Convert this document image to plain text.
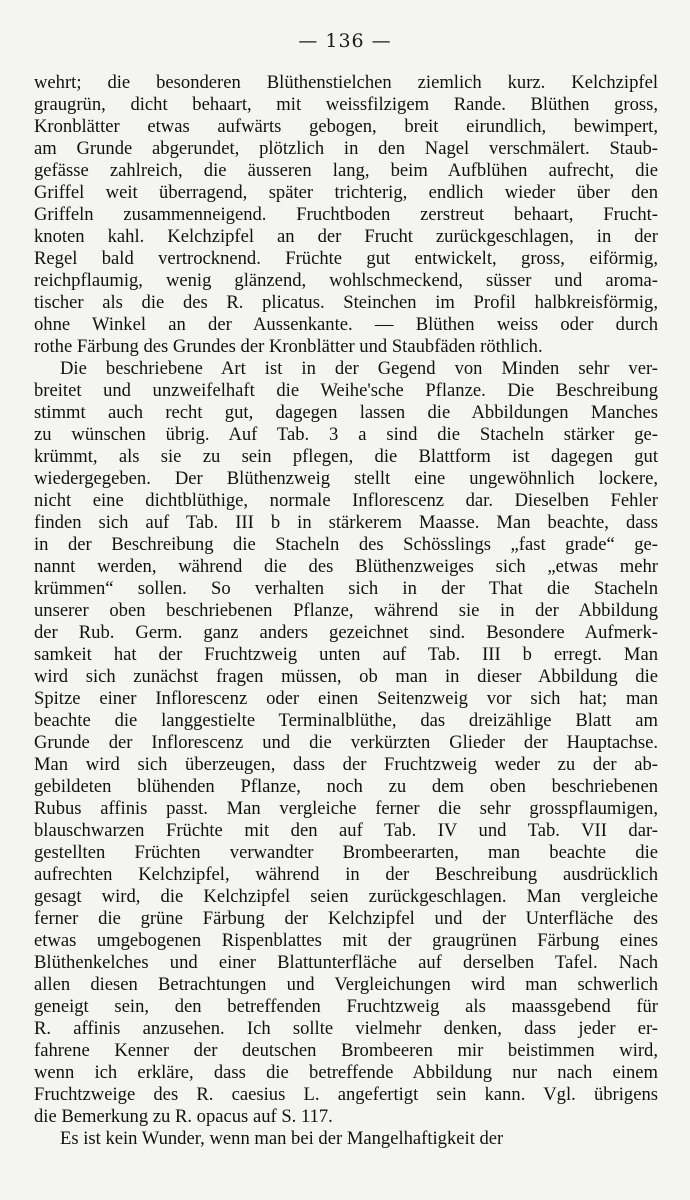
— 136 —
wehrt; die besonderen Blüthenstielchen ziemlich kurz. Kelchzipfel
graugrün, dicht behaart, mit weissfilzigem Rande. Blüthen gross,
Kronblätter etwas aufwärts gebogen, breit eirundlich, bewimpert,
am Grunde abgerundet, plötzlich in den Nagel verschmälert. Staub-
gefässe zahlreich, die äusseren lang, beim Aufblühen aufrecht, die
Griffel weit überragend, später trichterig, endlich wieder über den
Griffeln zusammenneigend. Fruchtboden zerstreut behaart, Frucht-
knoten kahl. Kelchzipfel an der Frucht zurückgeschlagen, in der
Regel bald vertrocknend. Früchte gut entwickelt, gross, eiförmig,
reichpflaumig, wenig glänzend, wohlschmeckend, süsser und aroma-
tischer als die des R. plicatus. Steinchen im Profil halbkreisförmig,
ohne Winkel an der Aussenkante. — Blüthen weiss oder durch
rothe Färbung des Grundes der Kronblätter und Staubfäden röthlich.
Die beschriebene Art ist in der Gegend von Minden sehr ver-
breitet und unzweifelhaft die Weihe'sche Pflanze. Die Beschreibung
stimmt auch recht gut, dagegen lassen die Abbildungen Manches
zu wünschen übrig. Auf Tab. 3 a sind die Stacheln stärker ge-
krümmt, als sie zu sein pflegen, die Blattform ist dagegen gut
wiedergegeben. Der Blüthenzweig stellt eine ungewöhnlich lockere,
nicht eine dichtblüthige, normale Inflorescenz dar. Dieselben Fehler
finden sich auf Tab. III b in stärkerem Maasse. Man beachte, dass
in der Beschreibung die Stacheln des Schösslings „fast grade“ ge-
nannt werden, während die des Blüthenzweiges sich „etwas mehr
krümmen“ sollen. So verhalten sich in der That die Stacheln
unserer oben beschriebenen Pflanze, während sie in der Abbildung
der Rub. Germ. ganz anders gezeichnet sind. Besondere Aufmerk-
samkeit hat der Fruchtzweig unten auf Tab. III b erregt. Man
wird sich zunächst fragen müssen, ob man in dieser Abbildung die
Spitze einer Inflorescenz oder einen Seitenzweig vor sich hat; man
beachte die langgestielte Terminalblüthe, das dreizählige Blatt am
Grunde der Inflorescenz und die verkürzten Glieder der Hauptachse.
Man wird sich überzeugen, dass der Fruchtzweig weder zu der ab-
gebildeten blühenden Pflanze, noch zu dem oben beschriebenen
Rubus affinis passt. Man vergleiche ferner die sehr grosspflaumigen,
blauschwarzen Früchte mit den auf Tab. IV und Tab. VII dar-
gestellten Früchten verwandter Brombeerarten, man beachte die
aufrechten Kelchzipfel, während in der Beschreibung ausdrücklich
gesagt wird, die Kelchzipfel seien zurückgeschlagen. Man vergleiche
ferner die grüne Färbung der Kelchzipfel und der Unterfläche des
etwas umgebogenen Rispenblattes mit der graugrünen Färbung eines
Blüthenkelches und einer Blattunterfläche auf derselben Tafel. Nach
allen diesen Betrachtungen und Vergleichungen wird man schwerlich
geneigt sein, den betreffenden Fruchtzweig als maassgebend für
R. affinis anzusehen. Ich sollte vielmehr denken, dass jeder er-
fahrene Kenner der deutschen Brombeeren mir beistimmen wird,
wenn ich erkläre, dass die betreffende Abbildung nur nach einem
Fruchtzweige des R. caesius L. angefertigt sein kann. Vgl. übrigens
die Bemerkung zu R. opacus auf S. 117.
Es ist kein Wunder, wenn man bei der Mangelhaftigkeit der
